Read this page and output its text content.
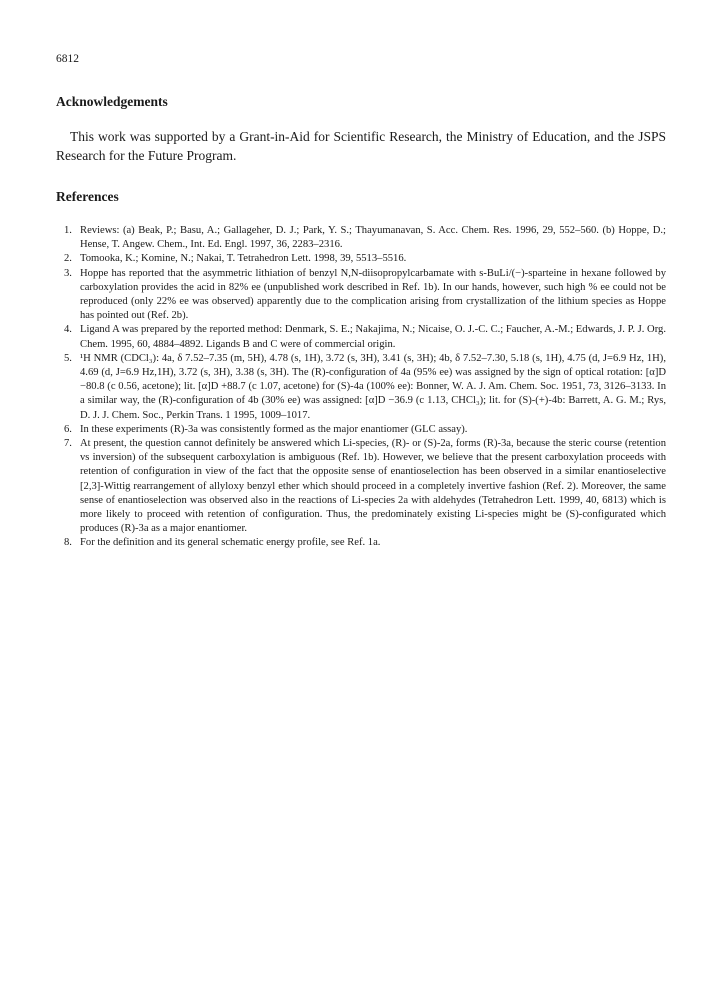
6812
Acknowledgements

This work was supported by a Grant-in-Aid for Scientific Research, the Ministry of Education, and the JSPS Research for the Future Program.

References
1. Reviews: (a) Beak, P.; Basu, A.; Gallageher, D. J.; Park, Y. S.; Thayumanavan, S. Acc. Chem. Res. 1996, 29, 552–560. (b) Hoppe, D.; Hense, T. Angew. Chem., Int. Ed. Engl. 1997, 36, 2283–2316.
2. Tomooka, K.; Komine, N.; Nakai, T. Tetrahedron Lett. 1998, 39, 5513–5516.
3. Hoppe has reported that the asymmetric lithiation of benzyl N,N-diisopropylcarbamate with s-BuLi/(−)-sparteine in hexane followed by carboxylation provides the acid in 82% ee (unpublished work described in Ref. 1b). In our hands, however, such high % ee could not be reproduced (only 22% ee was observed) apparently due to the complication arising from crystallization of the lithium species as Hoppe has pointed out (Ref. 2b).
4. Ligand A was prepared by the reported method: Denmark, S. E.; Nakajima, N.; Nicaise, O. J.-C. C.; Faucher, A.-M.; Edwards, J. P. J. Org. Chem. 1995, 60, 4884–4892. Ligands B and C were of commercial origin.
5. ¹H NMR (CDCl₃): 4a, δ 7.52–7.35 (m, 5H), 4.78 (s, 1H), 3.72 (s, 3H), 3.41 (s, 3H); 4b, δ 7.52–7.30, 5.18 (s, 1H), 4.75 (d, J=6.9 Hz, 1H), 4.69 (d, J=6.9 Hz,1H), 3.72 (s, 3H), 3.38 (s, 3H). The (R)-configuration of 4a (95% ee) was assigned by the sign of optical rotation: [α]D −80.8 (c 0.56, acetone); lit. [α]D +88.7 (c 1.07, acetone) for (S)-4a (100% ee): Bonner, W. A. J. Am. Chem. Soc. 1951, 73, 3126–3133. In a similar way, the (R)-configuration of 4b (30% ee) was assigned: [α]D −36.9 (c 1.13, CHCl₃); lit. for (S)-(+)-4b: Barrett, A. G. M.; Rys, D. J. J. Chem. Soc., Perkin Trans. 1 1995, 1009–1017.
6. In these experiments (R)-3a was consistently formed as the major enantiomer (GLC assay).
7. At present, the question cannot definitely be answered which Li-species, (R)- or (S)-2a, forms (R)-3a, because the steric course (retention vs inversion) of the subsequent carboxylation is ambiguous (Ref. 1b). However, we believe that the present carboxylation proceeds with retention of configuration in view of the fact that the opposite sense of enantioselection has been observed in a similar enantioselective [2,3]-Wittig rearrangement of allyloxy benzyl ether which should proceed in a completely invertive fashion (Ref. 2). Moreover, the same sense of enantioselection was observed also in the reactions of Li-species 2a with aldehydes (Tetrahedron Lett. 1999, 40, 6813) which is more likely to proceed with retention of configuration. Thus, the predominately existing Li-species might be (S)-configurated which produces (R)-3a as a major enantiomer.
8. For the definition and its general schematic energy profile, see Ref. 1a.
